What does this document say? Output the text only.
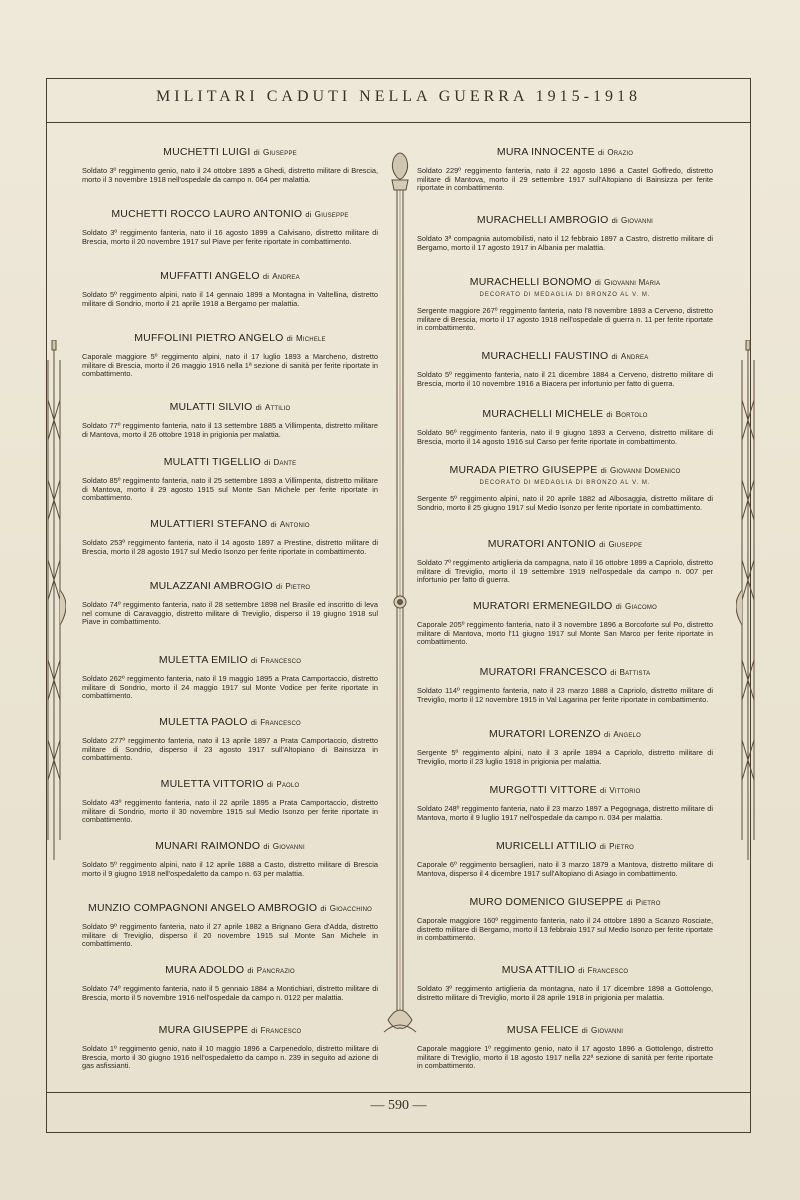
MILITARI CADUTI NELLA GUERRA 1915-1918
MUCHETTI LUIGI di Giuseppe
Soldato 3º reggimento genio, nato il 24 ottobre 1895 a Ghedi, distretto militare di Brescia, morto il 3 novembre 1918 nell'ospedale da campo n. 064 per malattia.
MUCHETTI ROCCO LAURO ANTONIO di Giuseppe
Soldato 3º reggimento fanteria, nato il 16 agosto 1899 a Calvisano, distretto militare di Brescia, morto il 20 novembre 1917 sul Piave per ferite riportate in combattimento.
MUFFATTI ANGELO di Andrea
Soldato 5º reggimento alpini, nato il 14 gennaio 1899 a Montagna in Valtellina, distretto militare di Sondrio, morto il 21 aprile 1918 a Bergamo per malattia.
MUFFOLINI PIETRO ANGELO di Michele
Caporale maggiore 5º reggimento alpini, nato il 17 luglio 1893 a Marcheno, distretto militare di Brescia, morto il 26 maggio 1916 nella 1ª sezione di sanità per ferite riportate in combattimento.
MULATTI SILVIO di Attilio
Soldato 77º reggimento fanteria, nato il 13 settembre 1885 a Villimpenta, distretto militare di Mantova, morto il 26 ottobre 1918 in prigionia per malattia.
MULATTI TIGELLIO di Dante
Soldato 85º reggimento fanteria, nato il 25 settembre 1893 a Villimpenta, distretto militare di Mantova, morto il 29 agosto 1915 sul Monte San Michele per ferite riportate in combattimento.
MULATTIERI STEFANO di Antonio
Soldato 253º reggimento fanteria, nato il 14 agosto 1897 a Prestine, distretto militare di Brescia, morto il 28 agosto 1917 sul Medio Isonzo per ferite riportate in combattimento.
MULAZZANI AMBROGIO di Pietro
Soldato 74º reggimento fanteria, nato il 28 settembre 1898 nel Brasile ed inscritto di leva nel comune di Caravaggio, distretto militare di Treviglio, disperso il 19 giugno 1918 sul Piave in combattimento.
MULETTA EMILIO di Francesco
Soldato 262º reggimento fanteria, nato il 19 maggio 1895 a Prata Camportaccio, distretto militare di Sondrio, morto il 24 maggio 1917 sul Monte Vodice per ferite riportate in combattimento.
MULETTA PAOLO di Francesco
Soldato 277º reggimento fanteria, nato il 13 aprile 1897 a Prata Camportaccio, distretto militare di Sondrio, disperso il 23 agosto 1917 sull'Altopiano di Bainsizza in combattimento.
MULETTA VITTORIO di Paolo
Soldato 43º reggimento fanteria, nato il 22 aprile 1895 a Prata Camportaccio, distretto militare di Sondrio, morto il 30 novembre 1915 sul Medio Isonzo per ferite riportate in combattimento.
MUNARI RAIMONDO di Giovanni
Soldato 5º reggimento alpini, nato il 12 aprile 1888 a Casto, distretto militare di Brescia morto il 9 giugno 1918 nell'ospedaletto da campo n. 63 per malattia.
MUNZIO COMPAGNONI ANGELO AMBROGIO di Gioacchino
Soldato 9º reggimento fanteria, nato il 27 aprile 1882 a Brignano Gera d'Adda, distretto militare di Treviglio, disperso il 20 novembre 1915 sul Monte San Michele in combattimento.
MURA ADOLDO di Pancrazio
Soldato 74º reggimento fanteria, nato il 5 gennaio 1884 a Montichiari, distretto militare di Brescia, morto il 5 novembre 1916 nell'ospedale da campo n. 0122 per malattia.
MURA GIUSEPPE di Francesco
Soldato 1º reggimento genio, nato il 10 maggio 1896 a Carpenedolo, distretto militare di Brescia, morto il 30 giugno 1916 nell'ospedaletto da campo n. 239 in seguito ad azione di gas asfissianti.
MURA INNOCENTE di Orazio
Soldato 229º reggimento fanteria, nato il 22 agosto 1896 a Castel Goffredo, distretto militare di Mantova, morto il 29 settembre 1917 sull'Altopiano di Bainsizza per ferite riportate in combattimento.
MURACHELLI AMBROGIO di Giovanni
Soldato 3ª compagnia automobilisti, nato il 12 febbraio 1897 a Castro, distretto militare di Bergamo, morto il 17 agosto 1917 in Albania per malattia.
MURACHELLI BONOMO di Giovanni Maria
DECORATO DI MEDAGLIA DI BRONZO AL V. M.
Sergente maggiore 267º reggimento fanteria, nato l'8 novembre 1893 a Cerveno, distretto militare di Brescia, morto il 17 agosto 1918 nell'ospedale di guerra n. 11 per ferite riportate in combattimento.
MURACHELLI FAUSTINO di Andrea
Soldato 5º reggimento fanteria, nato il 21 dicembre 1884 a Cerveno, distretto militare di Brescia, morto il 10 novembre 1916 a Biacera per infortunio per fatto di guerra.
MURACHELLI MICHELE di Bortolo
Soldato 96º reggimento fanteria, nato il 9 giugno 1893 a Cerveno, distretto militare di Brescia, morto il 14 agosto 1916 sul Carso per ferite riportate in combattimento.
MURADA PIETRO GIUSEPPE di Giovanni Domenico
DECORATO DI MEDAGLIA DI BRONZO AL V. M.
Sergente 5º reggimento alpini, nato il 20 aprile 1882 ad Albosaggia, distretto militare di Sondrio, morto il 25 giugno 1917 sul Medio Isonzo per ferite riportate in combattimento.
MURATORI ANTONIO di Giuseppe
Soldato 7º reggimento artiglieria da campagna, nato il 16 ottobre 1899 a Capriolo, distretto militare di Treviglio, morto il 19 settembre 1919 nell'ospedale da campo n. 007 per infortunio per fatto di guerra.
MURATORI ERMENEGILDO di Giacomo
Caporale 205º reggimento fanteria, nato il 3 novembre 1896 a Borcoforte sul Po, distretto militare di Mantova, morto l'11 giugno 1917 sul Monte San Marco per ferite riportate in combattimento.
MURATORI FRANCESCO di Battista
Soldato 114º reggimento fanteria, nato il 23 marzo 1888 a Capriolo, distretto militare di Treviglio, morto il 12 novembre 1915 in Val Lagarina per ferite riportate in combattimento.
MURATORI LORENZO di Angelo
Sergente 5º reggimento alpini, nato il 3 aprile 1894 a Capriolo, distretto militare di Treviglio, morto il 23 luglio 1918 in prigionia per malattia.
MURGOTTI VITTORE di Vittorio
Soldato 248º reggimento fanteria, nato il 23 marzo 1897 a Pegognaga, distretto militare di Mantova, morto il 9 luglio 1917 nell'ospedale da campo n. 034 per malattia.
MURICELLI ATTILIO di Pietro
Caporale 6º reggimento bersaglieri, nato il 3 marzo 1879 a Mantova, distretto militare di Mantova, disperso il 4 dicembre 1917 sull'Altopiano di Asiago in combattimento.
MURO DOMENICO GIUSEPPE di Pietro
Caporale maggiore 160º reggimento fanteria, nato il 24 ottobre 1890 a Scanzo Rosciate, distretto militare di Bergamo, morto il 13 febbraio 1917 sul Medio Isonzo per ferite riportate in combattimento.
MUSA ATTILIO di Francesco
Soldato 3º reggimento artiglieria da montagna, nato il 17 dicembre 1898 a Gottolengo, distretto militare di Treviglio, morto il 28 aprile 1918 in prigionia per malattia.
MUSA FELICE di Giovanni
Caporale maggiore 1º reggimento genio, nato il 17 agosto 1896 a Gottolengo, distretto militare di Treviglio, morto il 18 agosto 1917 nella 22ª sezione di sanità per ferite riportate in combattimento.
— 590 —
